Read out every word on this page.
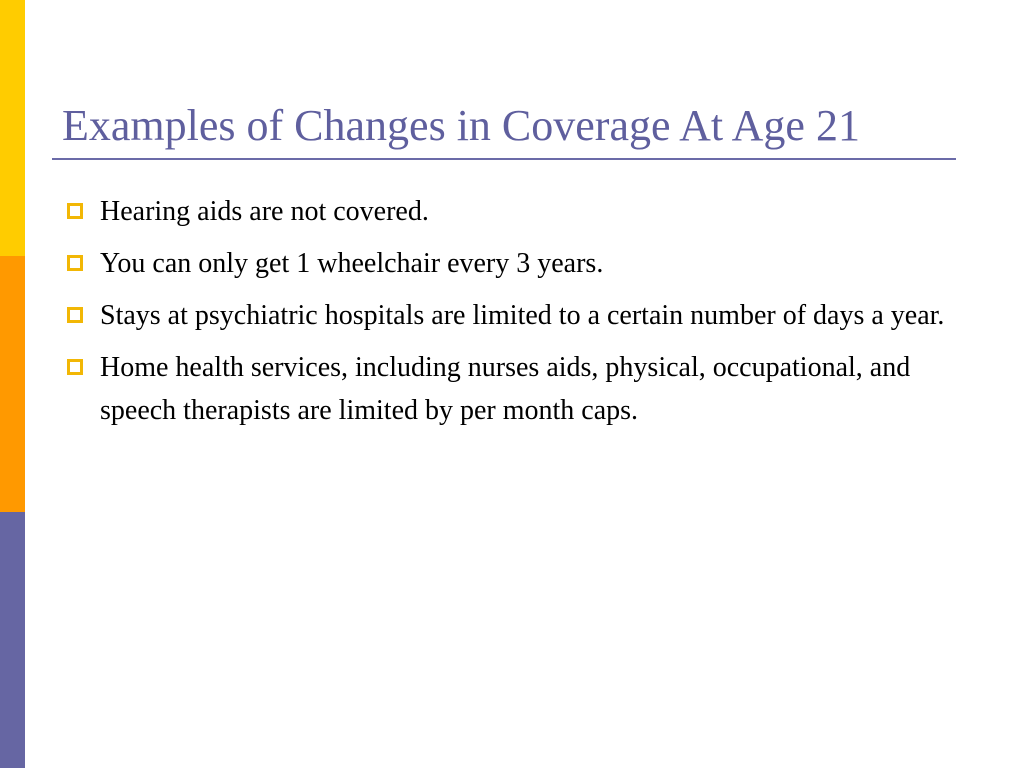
Examples of Changes in Coverage At Age 21
Hearing aids are not covered.
You can only get 1 wheelchair every 3 years.
Stays at psychiatric hospitals are limited to a certain number of days a year.
Home health services, including nurses aids, physical, occupational, and speech therapists are limited by per month caps.
